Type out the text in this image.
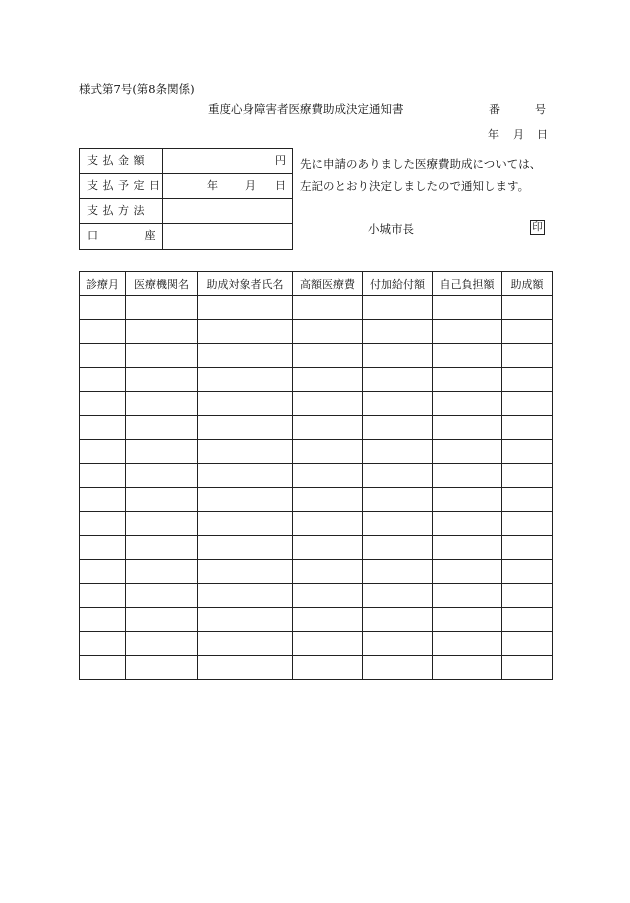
様式第7号(第8条関係)
重度心身障害者医療費助成決定通知書	番	号
年 月 日
支 払 金 額	円
支 払 予 定 日	年 月 日
支 払 方 法
口　　　　座
先に申請のありました医療費助成については、
左記のとおり決定しましたので通知します。
小城市長	印
診療月	医療機関名	助成対象者氏名	高額医療費	付加給付額	自己負担額	助成額
